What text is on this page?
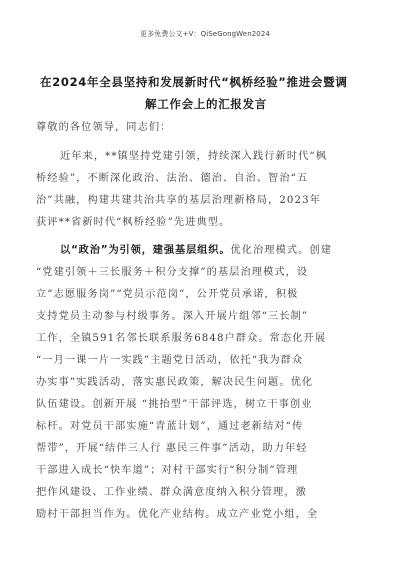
更多免费公文+V：QiSeGongWen2024
在2024年全县坚持和发展新时代“枫桥经验”推进会暨调
解工作会上的汇报发言
尊敬的各位领导，同志们：
近年来，**镇坚持党建引领，持续深入践行新时代“枫
桥经验”，不断深化政治、法治、德治、自治、智治“五
治”共融，构建共建共治共享的基层治理新格局，2023年
获评**省新时代“枫桥经验”先进典型。
以“政治”为引领，建强基层组织。优化治理模式。创建
“党建引领＋三长服务＋积分支撑”的基层治理模式，设
立“志愿服务岗”“党员示范岗”，公开党员承诺，积极
支持党员主动参与村级事务。深入开展片组邻“三长制”
工作，全镇591名邻长联系服务6848户群众。常态化开展
“一月一课一片一实践”主题党日活动，依托“我为群众
办实事”实践活动，落实惠民政策，解决民生问题。优化
队伍建设。创新开展 “挑抬型”干部评选，树立干事创业
标杆。对党员干部实施“青蓝计划”，通过老新结对“传
帮带”，开展“结伴三人行 惠民三件事”活动，助力年轻
干部进入成长“快车道”；对村干部实行“积分制”管理
把作风建设、工作业绩、群众满意度纳入积分管理，激
励村干部担当作为。优化产业结构。成立产业党小组，全
